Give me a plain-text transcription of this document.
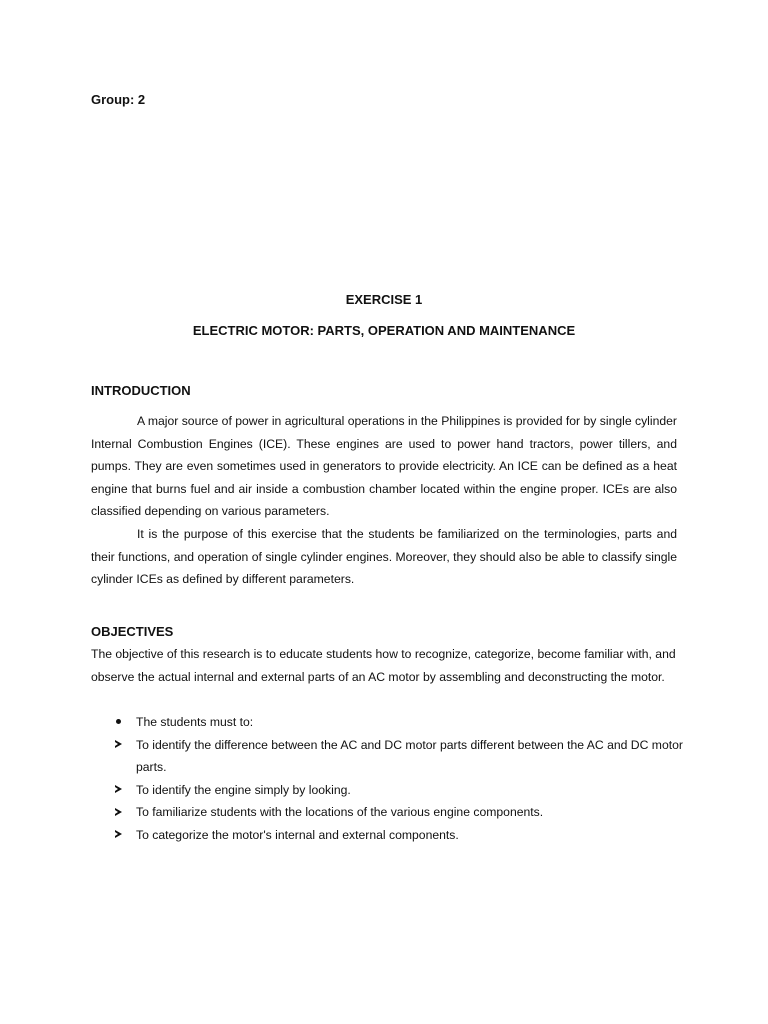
Group: 2
EXERCISE 1
ELECTRIC MOTOR: PARTS, OPERATION AND MAINTENANCE
INTRODUCTION

A major source of power in agricultural operations in the Philippines is provided for by single cylinder Internal Combustion Engines (ICE). These engines are used to power hand tractors, power tillers, and pumps. They are even sometimes used in generators to provide electricity. An ICE can be defined as a heat engine that burns fuel and air inside a combustion chamber located within the engine proper. ICEs are also classified depending on various parameters.

It is the purpose of this exercise that the students be familiarized on the terminologies, parts and their functions, and operation of single cylinder engines. Moreover, they should also be able to classify single cylinder ICEs as defined by different parameters.

OBJECTIVES

The objective of this research is to educate students how to recognize, categorize, become familiar with, and observe the actual internal and external parts of an AC motor by assembling and deconstructing the motor.

The students must to:
To identify the difference between the AC and DC motor parts different between the AC and DC motor parts.
To identify the engine simply by looking.
To familiarize students with the locations of the various engine components.
To categorize the motor's internal and external components.
